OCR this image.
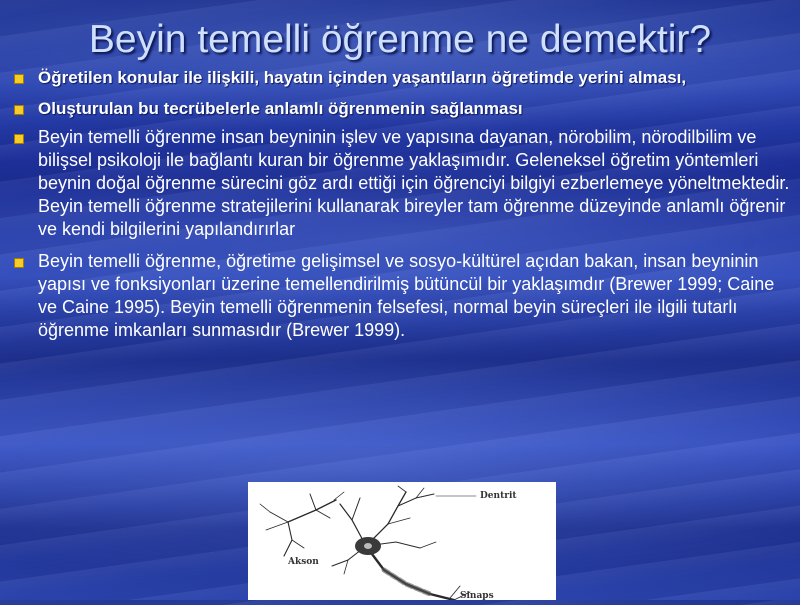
Beyin temelli öğrenme ne demektir?
Öğretilen konular ile ilişkili, hayatın içinden yaşantıların öğretimde yerini alması,
Oluşturulan bu tecrübelerle anlamlı öğrenmenin sağlanması
Beyin temelli öğrenme insan beyninin işlev ve yapısına dayanan, nörobilim, nörodilbilim ve bilişsel psikoloji ile bağlantı kuran bir öğrenme yaklaşımıdır. Geleneksel öğretim yöntemleri beynin doğal öğrenme sürecini göz ardı ettiği için öğrenciyi bilgiyi ezberlemeye yöneltmektedir. Beyin temelli öğrenme stratejilerini kullanarak bireyler tam öğrenme düzeyinde anlamlı öğrenir ve kendi bilgilerini yapılandırırlar
Beyin temelli öğrenme, öğretime gelişimsel ve sosyo-kültürel açıdan bakan, insan beyninin yapısı ve fonksiyonları üzerine temellendirilmiş bütüncül bir yaklaşımdır (Brewer 1999; Caine ve Caine 1995). Beyin temelli öğrenmenin felsefesi, normal beyin süreçleri ile ilgili tutarlı öğrenme imkanları sunmasıdır (Brewer 1999).
Dentrit
Akson
Sinaps
